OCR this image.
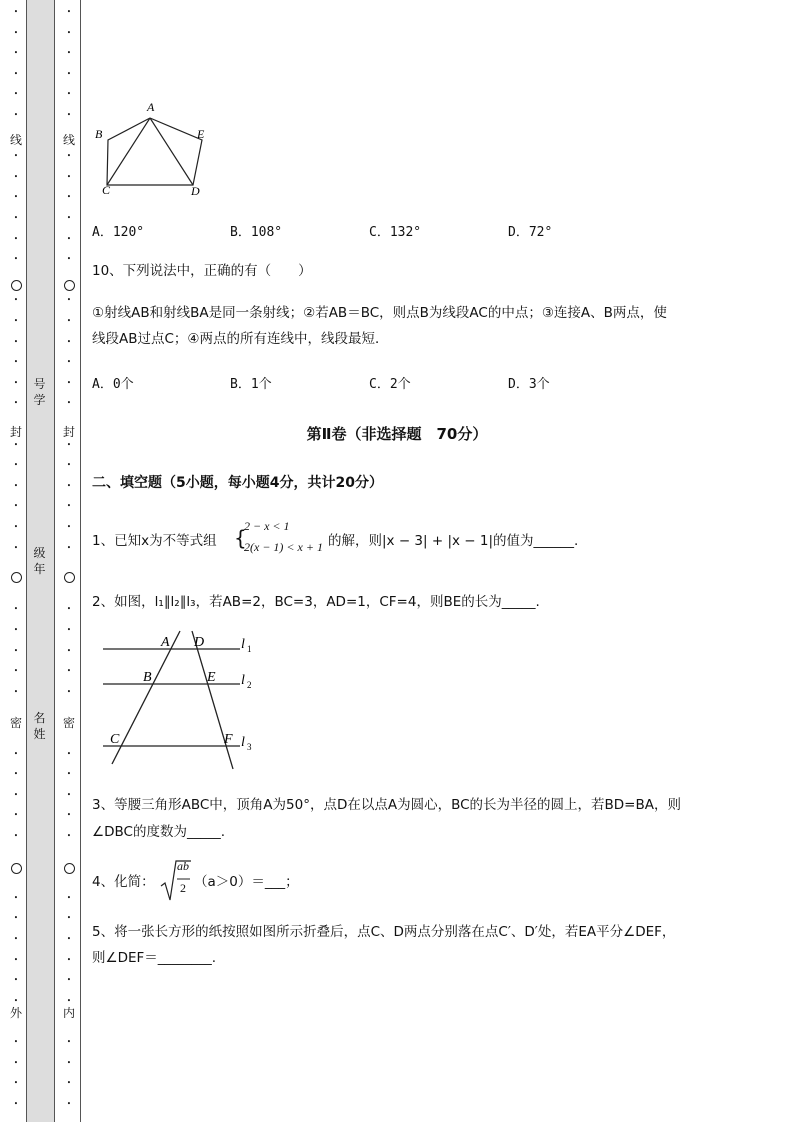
线
封
密
外
•
•
•
•
•
•
•
•
•
•
•
•
•
•
•
•
•
•
•
•
•
•
•
•
•
•
•
•
•
•
•
•
•
•
•
•
•
•
•
•
•
•
•
•
线
封
密
内
•
•
•
•
•
•
•
•
•
•
•
•
•
•
•
•
•
•
•
•
•
•
•
•
•
•
•
•
•
•
•
•
•
•
•
•
•
•
•
•
•
•
•
•
号
学
级
年
名
姓
A
B	E
C	D
A．120°	B．108°	C．132°	D．72°
10、下列说法中，正确的有（　　）
①射线AB和射线BA是同一条射线；②若AB＝BC，则点B为线段AC的中点；③连接A、B两点，使
线段AB过点C；④两点的所有连线中，线段最短．
A．0个	B．1个	C．2个	D．3个
第Ⅱ卷（非选择题　70分）
二、填空题（5小题，每小题4分，共计20分）
1、已知x为不等式组 {
2 − x < 1
2(x − 1) < x + 1 的解，则|x − 3| + |x − 1|的值为______.
2、如图，l₁∥l₂∥l₃，若AB=2，BC=3，AD=1，CF=4，则BE的长为_____.
A D
B	E
C	F
l
l
l
1
2
3
3、等腰三角形ABC中，顶角A为50°，点D在以点A为圆心，BC的长为半径的圆上，若BD=BA，则
∠DBC的度数为_____.
4、化简：
ab
2 （a＞0）＝___；
5、将一张长方形的纸按照如图所示折叠后，点C、D两点分别落在点C′、D′处，若EA平分∠DEF，
则∠DEF＝________.
